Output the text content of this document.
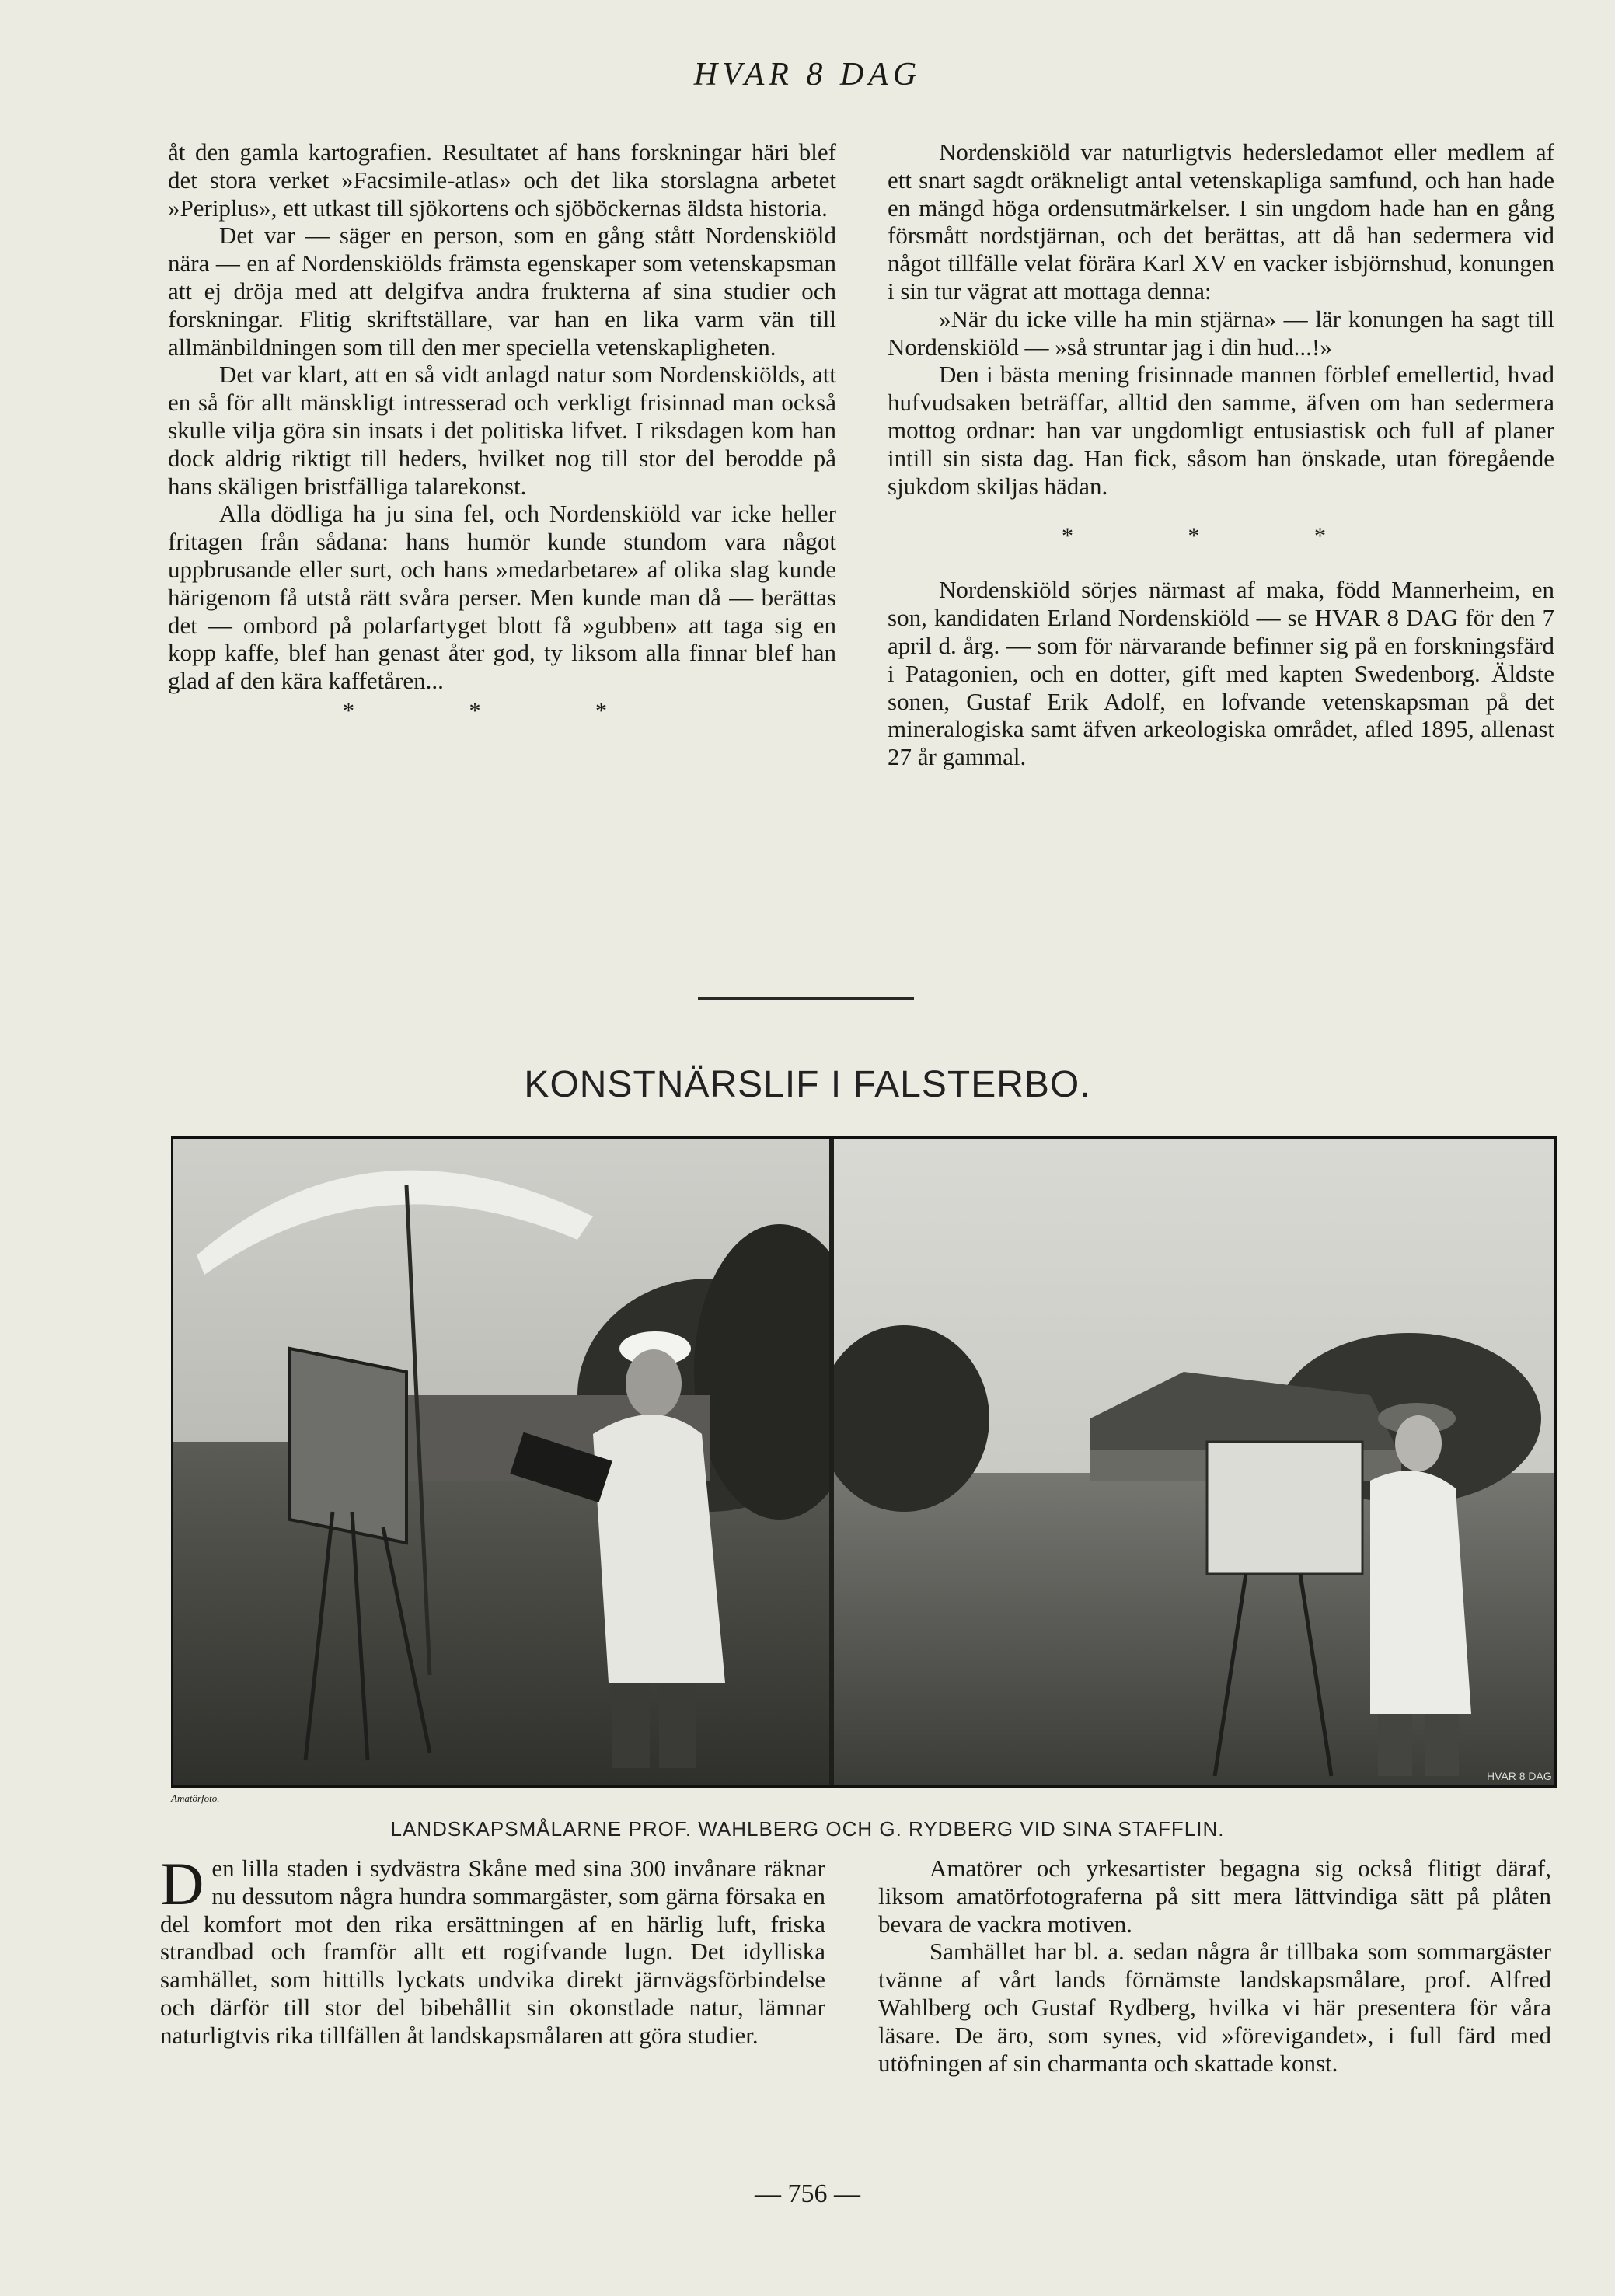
HVAR 8 DAG

åt den gamla kartografien. Resultatet af hans forskningar häri blef det stora verket »Facsimile-atlas» och det lika storslagna arbetet »Periplus», ett utkast till sjökortens och sjöböckernas äldsta historia.

Det var — säger en person, som en gång stått Nordenskiöld nära — en af Nordenskiölds främsta egenskaper som vetenskapsman att ej dröja med att delgifva andra frukterna af sina studier och forskningar. Flitig skriftställare, var han en lika varm vän till allmänbildningen som till den mer speciella vetenskapligheten.

Det var klart, att en så vidt anlagd natur som Nordenskiölds, att en så för allt mänskligt intresserad och verkligt frisinnad man också skulle vilja göra sin insats i det politiska lifvet. I riksdagen kom han dock aldrig riktigt till heders, hvilket nog till stor del berodde på hans skäligen bristfälliga talarekonst.

Alla dödliga ha ju sina fel, och Nordenskiöld var icke heller fritagen från sådana: hans humör kunde stundom vara något uppbrusande eller surt, och hans »medarbetare» af olika slag kunde härigenom få utstå rätt svåra perser. Men kunde man då — berättas det — ombord på polarfartyget blott få »gubben» att taga sig en kopp kaffe, blef han genast åter god, ty liksom alla finnar blef han glad af den kära kaffetåren...

* * *

Nordenskiöld var naturligtvis hedersledamot eller medlem af ett snart sagdt oräkneligt antal vetenskapliga samfund, och han hade en mängd höga ordensutmärkelser. I sin ungdom hade han en gång försmått nordstjärnan, och det berättas, att då han sedermera vid något tillfälle velat förära Karl XV en vacker isbjörnshud, konungen i sin tur vägrat att mottaga denna:

»När du icke ville ha min stjärna» — lär konungen ha sagt till Nordenskiöld — »så struntar jag i din hud...!»

Den i bästa mening frisinnade mannen förblef emellertid, hvad hufvudsaken beträffar, alltid den samme, äfven om han sedermera mottog ordnar: han var ungdomligt entusiastisk och full af planer intill sin sista dag. Han fick, såsom han önskade, utan föregående sjukdom skiljas hädan.

* * *

Nordenskiöld sörjes närmast af maka, född Mannerheim, en son, kandidaten Erland Nordenskiöld — se HVAR 8 DAG för den 7 april d. årg. — som för närvarande befinner sig på en forskningsfärd i Patagonien, och en dotter, gift med kapten Swedenborg. Äldste sonen, Gustaf Erik Adolf, en lofvande vetenskapsman på det mineralogiska samt äfven arkeologiska området, afled 1895, allenast 27 år gammal.

KONSTNÄRSLIF I FALSTERBO.
HVAR 8 DAG
Amatörfoto.
LANDSKAPSMÅLARNE PROF. WAHLBERG OCH G. RYDBERG VID SINA STAFFLIN.

Den lilla staden i sydvästra Skåne med sina 300 invånare räknar nu dessutom några hundra sommargäster, som gärna försaka en del komfort mot den rika ersättningen af en härlig luft, friska strandbad och framför allt ett rogifvande lugn. Det idylliska samhället, som hittills lyckats undvika direkt järnvägsförbindelse och därför till stor del bibehållit sin okonstlade natur, lämnar naturligtvis rika tillfällen åt landskapsmålaren att göra studier.

Amatörer och yrkesartister begagna sig också flitigt däraf, liksom amatörfotograferna på sitt mera lättvindiga sätt på plåten bevara de vackra motiven.

Samhället har bl. a. sedan några år tillbaka som sommargäster tvänne af vårt lands förnämste landskapsmålare, prof. Alfred Wahlberg och Gustaf Rydberg, hvilka vi här presentera för våra läsare. De äro, som synes, vid »förevigandet», i full färd med utöfningen af sin charmanta och skattade konst.

— 756 —
